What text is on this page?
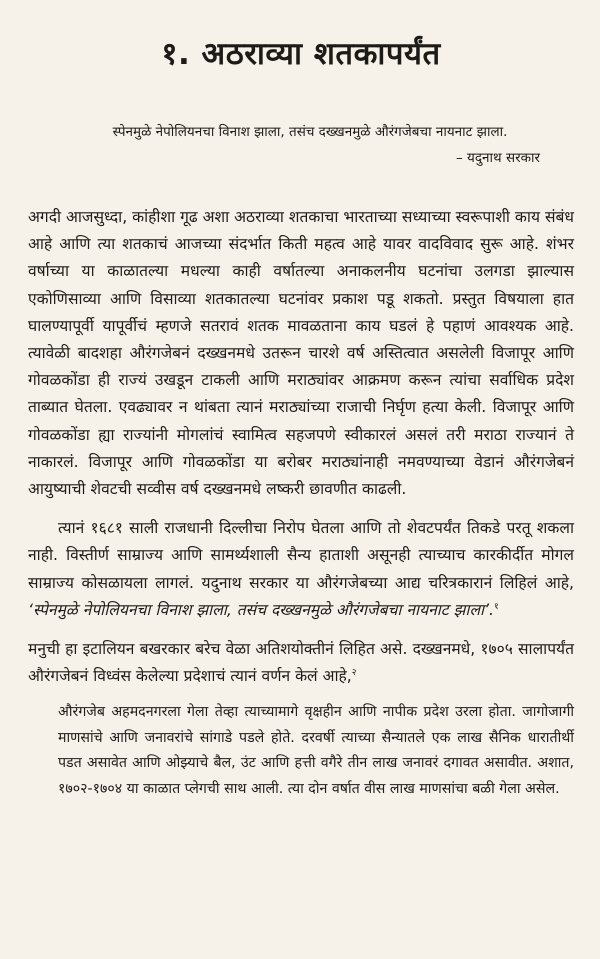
१. अठराव्या शतकापर्यंत
स्पेनमुळे नेपोलियनचा विनाश झाला, तसंच दख्खनमुळे औरंगजेबचा नायनाट झाला.
– यदुनाथ सरकार

अगदी आजसुध्दा, कांहीशा गूढ अशा अठराव्या शतकाचा भारताच्या सध्याच्या स्वरूपाशी काय संबंध आहे आणि त्या शतकाचं आजच्या संदर्भात किती महत्व आहे यावर वादविवाद सुरू आहे. शंभर वर्षाच्या या काळातल्या मधल्या काही वर्षातल्या अनाकलनीय घटनांचा उलगडा झाल्यास एकोणिसाव्या आणि विसाव्या शतकातल्या घटनांवर प्रकाश पडू शकतो. प्रस्तुत विषयाला हात घालण्यापूर्वी यापूर्वीचं म्हणजे सतरावं शतक मावळताना काय घडलं हे पहाणं आवश्यक आहे. त्यावेळी बादशहा औरंगजेबनं दख्खनमधे उतरून चारशे वर्ष अस्तित्वात असलेली विजापूर आणि गोवळकोंडा ही राज्यं उखडून टाकली आणि मराठ्यांवर आक्रमण करून त्यांचा सर्वाधिक प्रदेश ताब्यात घेतला. एवढ्यावर न थांबता त्यानं मराठ्यांच्या राजाची निर्घृण हत्या केली. विजापूर आणि गोवळकोंडा ह्या राज्यांनी मोगलांचं स्वामित्व सहजपणे स्वीकारलं असलं तरी मराठा राज्यानं ते नाकारलं. विजापूर आणि गोवळकोंडा या बरोबर मराठ्यांनाही नमवण्याच्या वेडानं औरंगजेबनं आयुष्याची शेवटची सव्वीस वर्ष दख्खनमधे लष्करी छावणीत काढली.

त्यानं १६८१ साली राजधानी दिल्लीचा निरोप घेतला आणि तो शेवटपर्यंत तिकडे परतू शकला नाही. विस्तीर्ण साम्राज्य आणि सामर्थ्यशाली सैन्य हाताशी असूनही त्याच्याच कारकीर्दीत मोगल साम्राज्य कोसळायला लागलं. यदुनाथ सरकार या औरंगजेबच्या आद्य चरित्रकारानं लिहिलं आहे, ‘स्पेनमुळे नेपोलियनचा विनाश झाला, तसंच दख्खनमुळे औरंगजेबचा नायनाट झाला’.$^१$

मनुची हा इटालियन बखरकार बरेच वेळा अतिशयोक्तीनं लिहित असे. दख्खनमधे, १७०५ सालापर्यंत औरंगजेबनं विध्वंस केलेल्या प्रदेशाचं त्यानं वर्णन केलं आहे,$^२$

औरंगजेब अहमदनगरला गेला तेव्हा त्याच्यामागे वृक्षहीन आणि नापीक प्रदेश उरला होता. जागोजागी माणसांचे आणि जनावरांचे सांगाडे पडले होते. दरवर्षी त्याच्या सैन्यातले एक लाख सैनिक धारातीर्थी पडत असावेत आणि ओझ्याचे बैल, उंट आणि हत्ती वगैरे तीन लाख जनावरं दगावत असावीत. अशात, १७०२-१७०४ या काळात प्लेगची साथ आली. त्या दोन वर्षात वीस लाख माणसांचा बळी गेला असेल.
